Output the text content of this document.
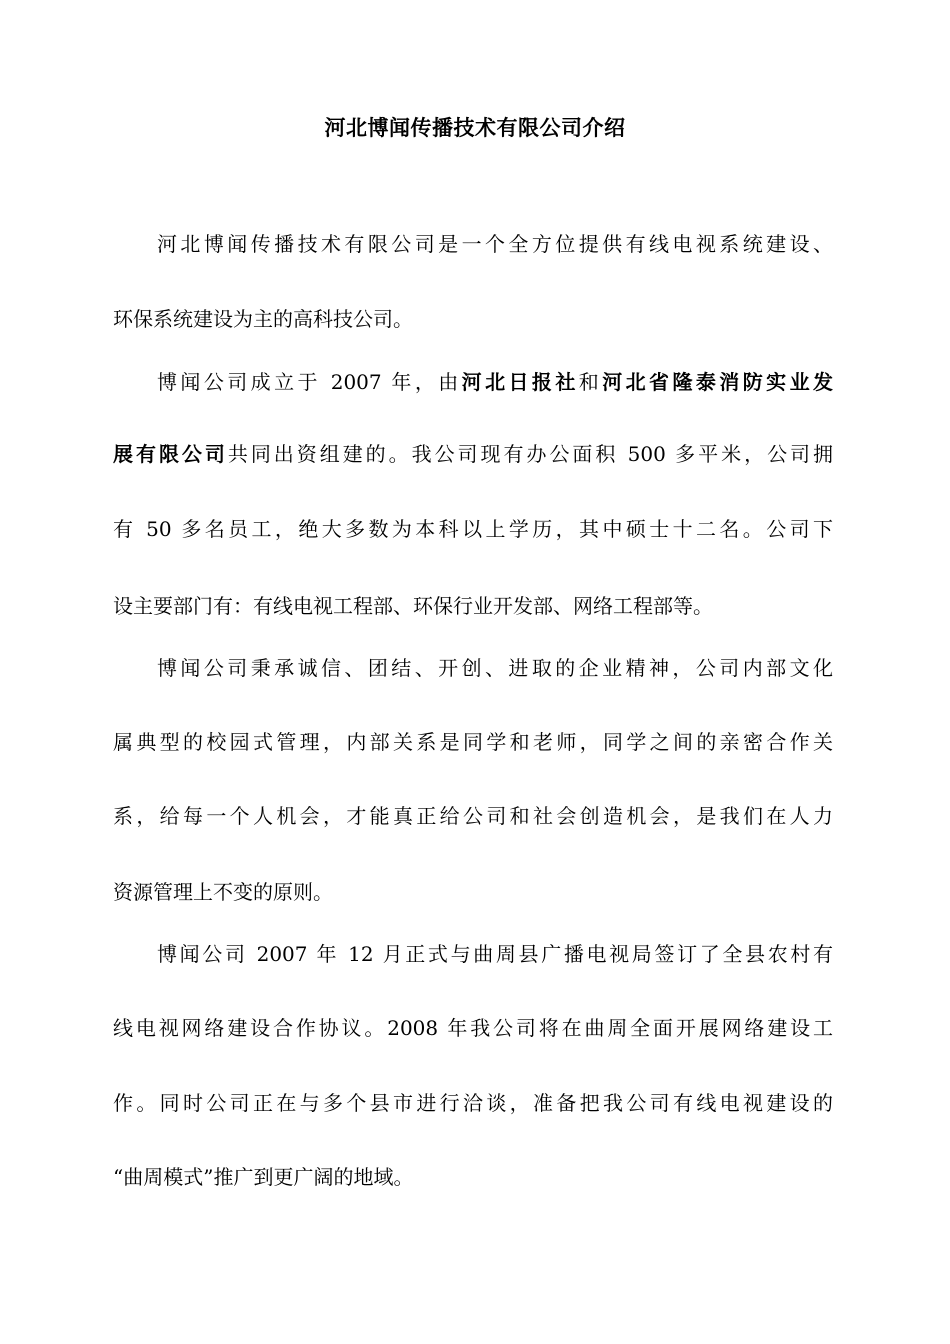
河北博闻传播技术有限公司介绍
河北博闻传播技术有限公司是一个全方位提供有线电视系统建设、
环保系统建设为主的高科技公司。
博闻公司成立于 2007 年，由河北日报社和河北省隆泰消防实业发
展有限公司共同出资组建的。我公司现有办公面积 500 多平米，公司拥
有 50 多名员工，绝大多数为本科以上学历，其中硕士十二名。公司下
设主要部门有：有线电视工程部、环保行业开发部、网络工程部等。
博闻公司秉承诚信、团结、开创、进取的企业精神，公司内部文化
属典型的校园式管理，内部关系是同学和老师，同学之间的亲密合作关
系，给每一个人机会，才能真正给公司和社会创造机会，是我们在人力
资源管理上不变的原则。
博闻公司 2007 年 12 月正式与曲周县广播电视局签订了全县农村有
线电视网络建设合作协议。2008 年我公司将在曲周全面开展网络建设工
作。同时公司正在与多个县市进行洽谈，准备把我公司有线电视建设的
“曲周模式”推广到更广阔的地域。
